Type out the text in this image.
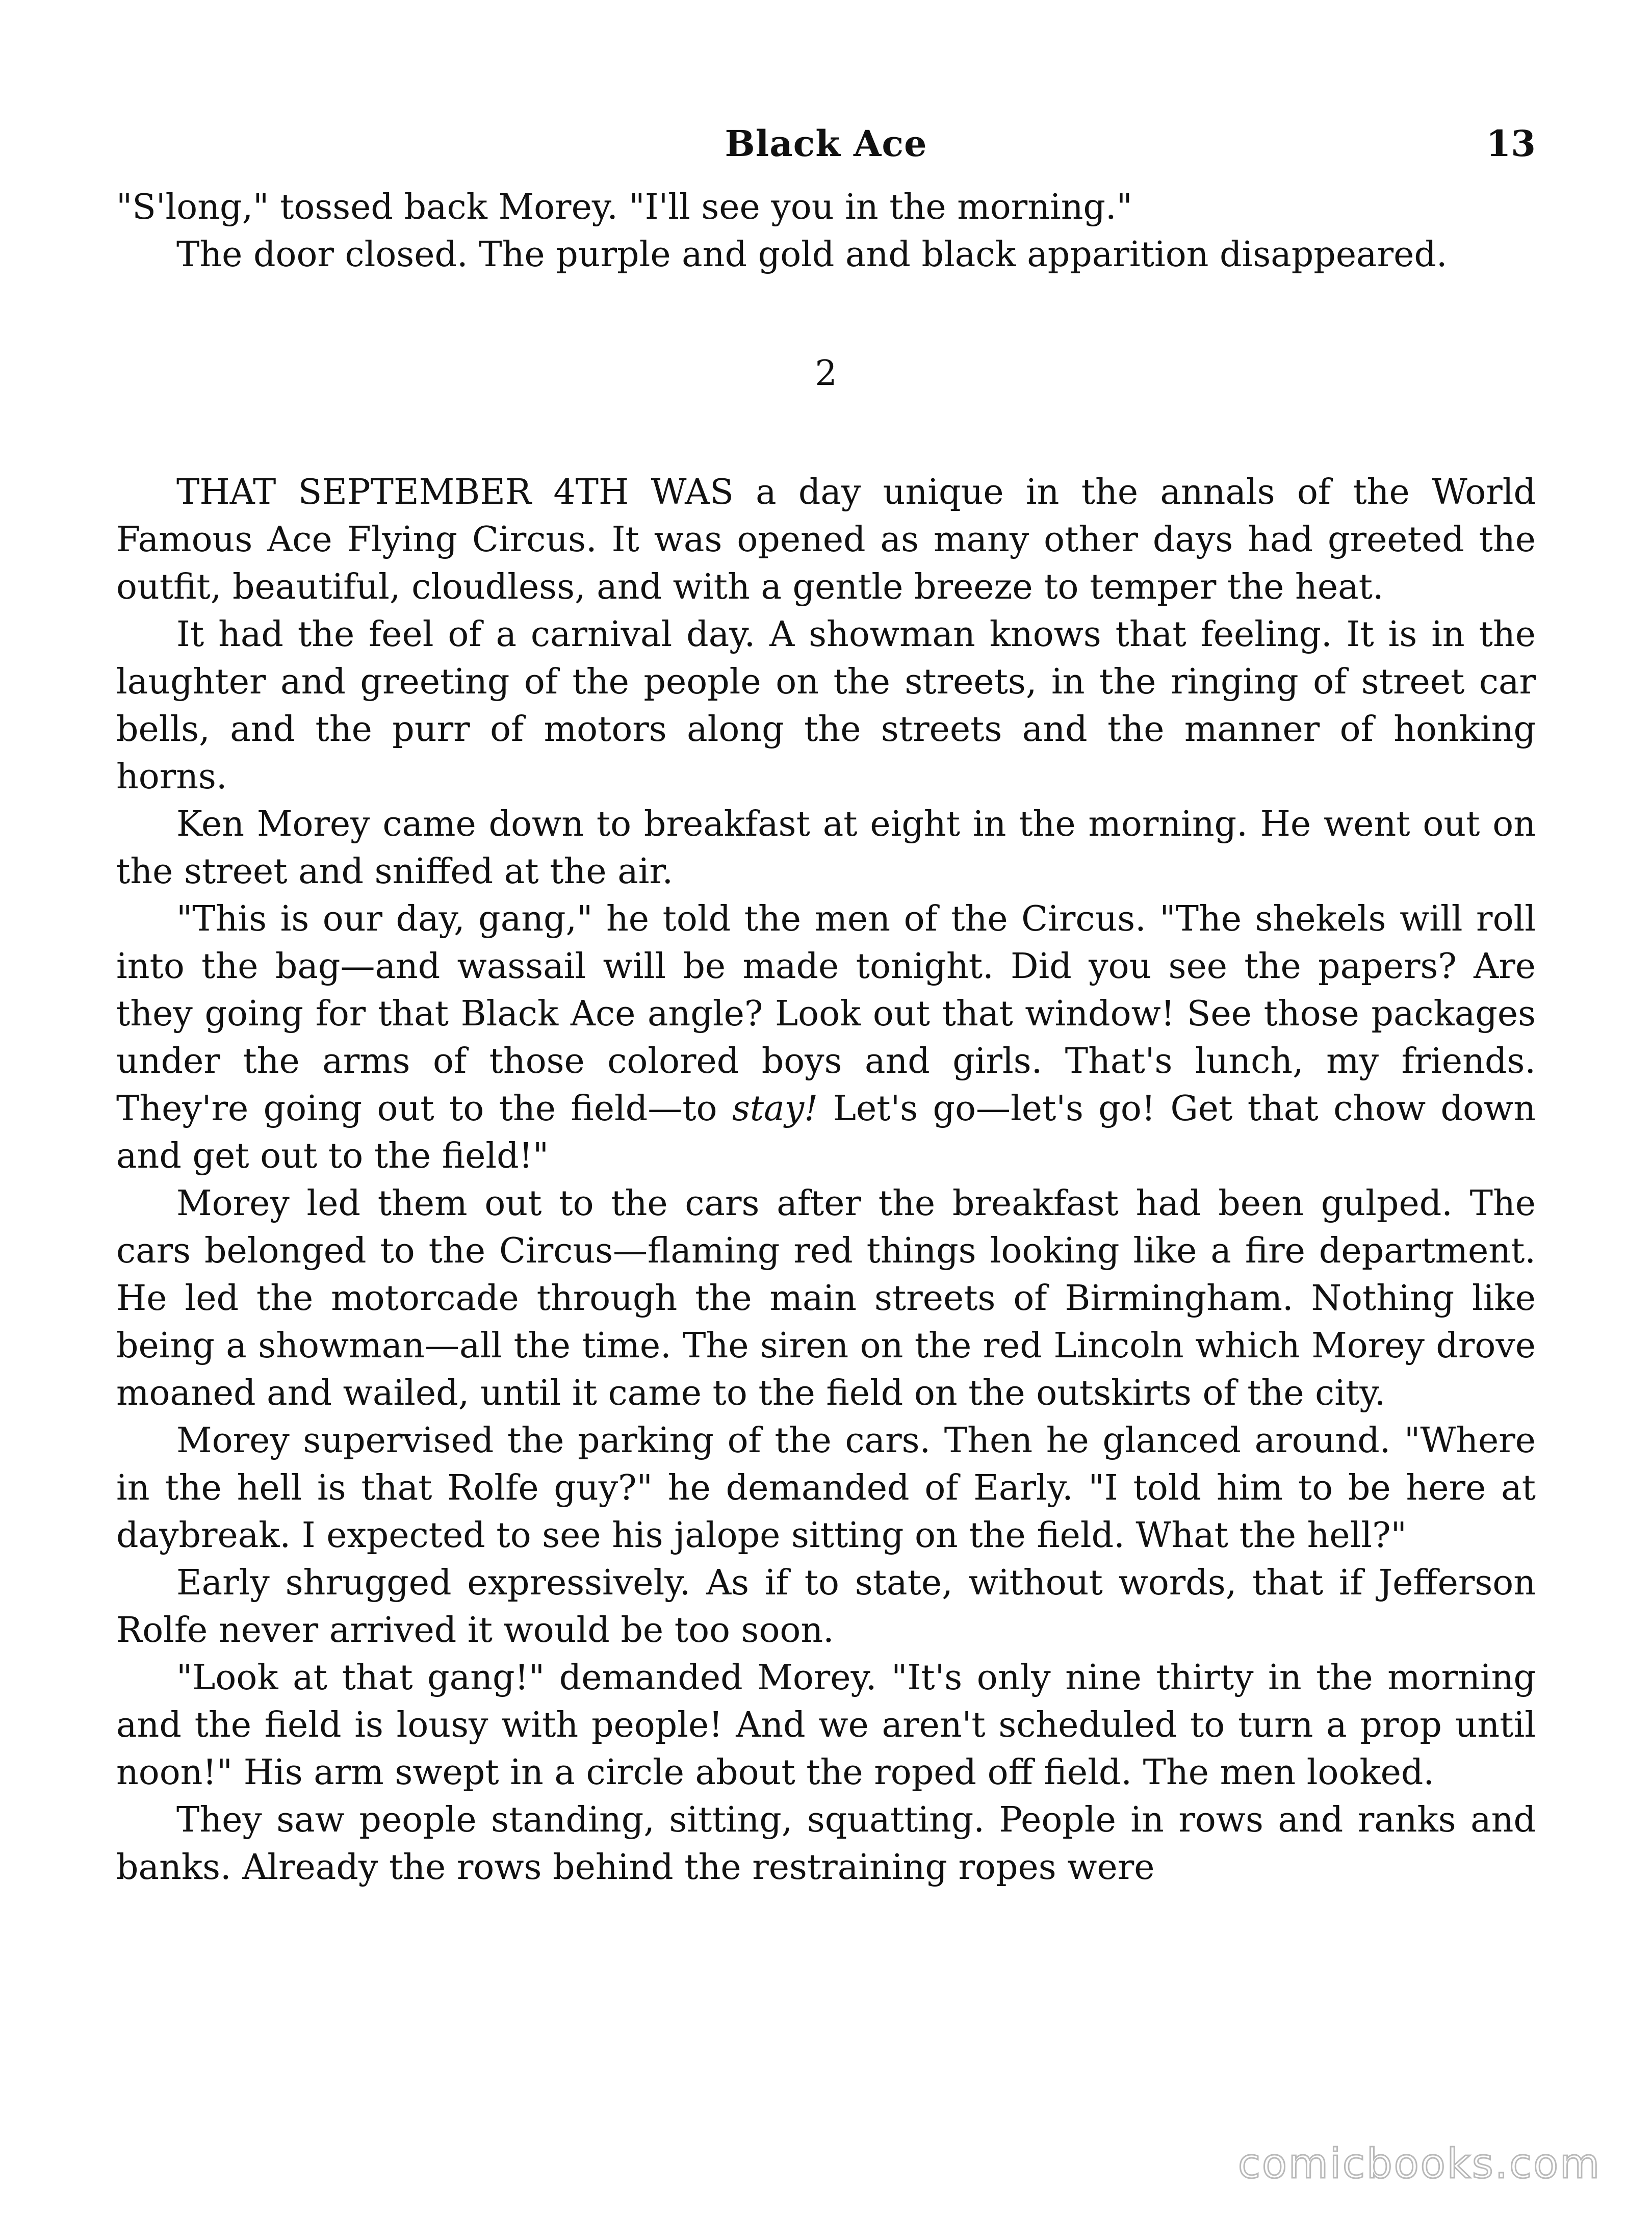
Black Ace	13

"S'long," tossed back Morey. "I'll see you in the morning."

The door closed. The purple and gold and black apparition disappeared.

2

THAT SEPTEMBER 4TH WAS a day unique in the annals of the World Famous Ace Flying Circus. It was opened as many other days had greeted the outfit, beautiful, cloudless, and with a gentle breeze to temper the heat.

It had the feel of a carnival day. A showman knows that feeling. It is in the laughter and greeting of the people on the streets, in the ringing of street car bells, and the purr of motors along the streets and the manner of honking horns.

Ken Morey came down to breakfast at eight in the morning. He went out on the street and sniffed at the air.

"This is our day, gang," he told the men of the Circus. "The shekels will roll into the bag—and wassail will be made tonight. Did you see the papers? Are they going for that Black Ace angle? Look out that window! See those packages under the arms of those colored boys and girls. That's lunch, my friends. They're going out to the field—to stay! Let's go—let's go! Get that chow down and get out to the field!"

Morey led them out to the cars after the breakfast had been gulped. The cars belonged to the Circus—flaming red things looking like a fire department. He led the motorcade through the main streets of Birmingham. Nothing like being a showman—all the time. The siren on the red Lincoln which Morey drove moaned and wailed, until it came to the field on the outskirts of the city.

Morey supervised the parking of the cars. Then he glanced around. "Where in the hell is that Rolfe guy?" he demanded of Early. "I told him to be here at daybreak. I expected to see his jalope sitting on the field. What the hell?"

Early shrugged expressively. As if to state, without words, that if Jefferson Rolfe never arrived it would be too soon.

"Look at that gang!" demanded Morey. "It's only nine thirty in the morning and the field is lousy with people! And we aren't scheduled to turn a prop until noon!" His arm swept in a circle about the roped off field. The men looked.

They saw people standing, sitting, squatting. People in rows and ranks and banks. Already the rows behind the restraining ropes were

comicbooks.com
